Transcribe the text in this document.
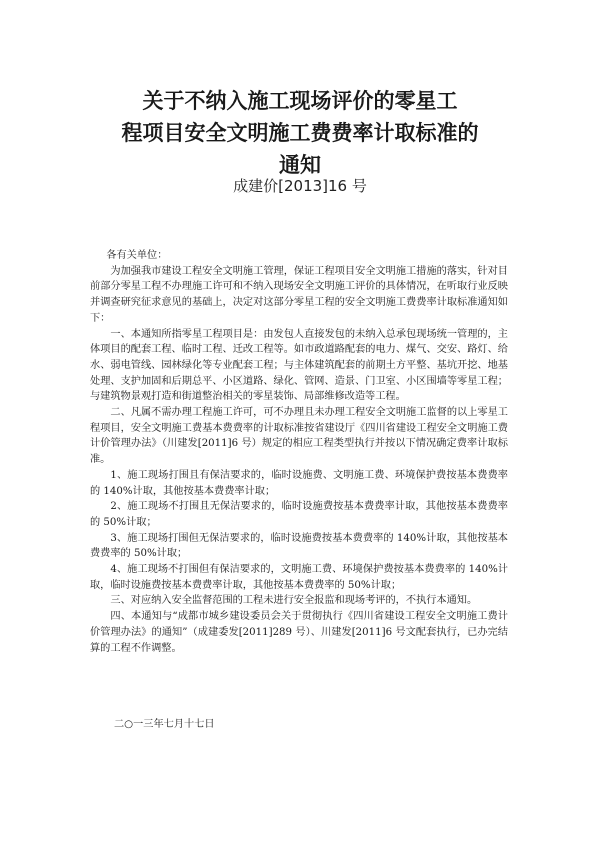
关于不纳入施工现场评价的零星工
程项目安全文明施工费费率计取标准的
通知
成建价[2013]16 号

各有关单位：

为加强我市建设工程安全文明施工管理，保证工程项目安全文明施工措施的落实，针对目前部分零星工程不办理施工许可和不纳入现场安全文明施工评价的具体情况，在听取行业反映并调查研究征求意见的基础上，决定对这部分零星工程的安全文明施工费费率计取标准通知如下：

一、本通知所指零星工程项目是：由发包人直接发包的未纳入总承包现场统一管理的，主体项目的配套工程、临时工程、迁改工程等。如市政道路配套的电力、煤气、交安、路灯、给水、弱电管线、园林绿化等专业配套工程；与主体建筑配套的前期土方平整、基坑开挖、地基处理、支护加固和后期总平、小区道路、绿化、管网、造景、门卫室、小区围墙等零星工程；与建筑物景观打造和街道整治相关的零星装饰、局部维修改造等工程。

二、凡属不需办理工程施工许可，可不办理且未办理工程安全文明施工监督的以上零星工程项目，安全文明施工费基本费费率的计取标准按省建设厅《四川省建设工程安全文明施工费计价管理办法》（川建发[2011]6 号）规定的相应工程类型执行并按以下情况确定费率计取标准。

1、施工现场打围且有保洁要求的，临时设施费、文明施工费、环境保护费按基本费费率的 140%计取，其他按基本费费率计取；

2、施工现场不打围且无保洁要求的，临时设施费按基本费费率计取，其他按基本费费率的 50%计取；

3、施工现场打围但无保洁要求的，临时设施费按基本费费率的 140%计取，其他按基本费费率的 50%计取；

4、施工现场不打围但有保洁要求的，文明施工费、环境保护费按基本费费率的 140%计取，临时设施费按基本费费率计取，其他按基本费费率的 50%计取；

三、对应纳入安全监督范围的工程未进行安全报监和现场考评的，不执行本通知。

四、本通知与“成都市城乡建设委员会关于贯彻执行《四川省建设工程安全文明施工费计价管理办法》的通知”（成建委发[2011]289 号）、川建发[2011]6 号文配套执行，已办完结算的工程不作调整。

二○一三年七月十七日
